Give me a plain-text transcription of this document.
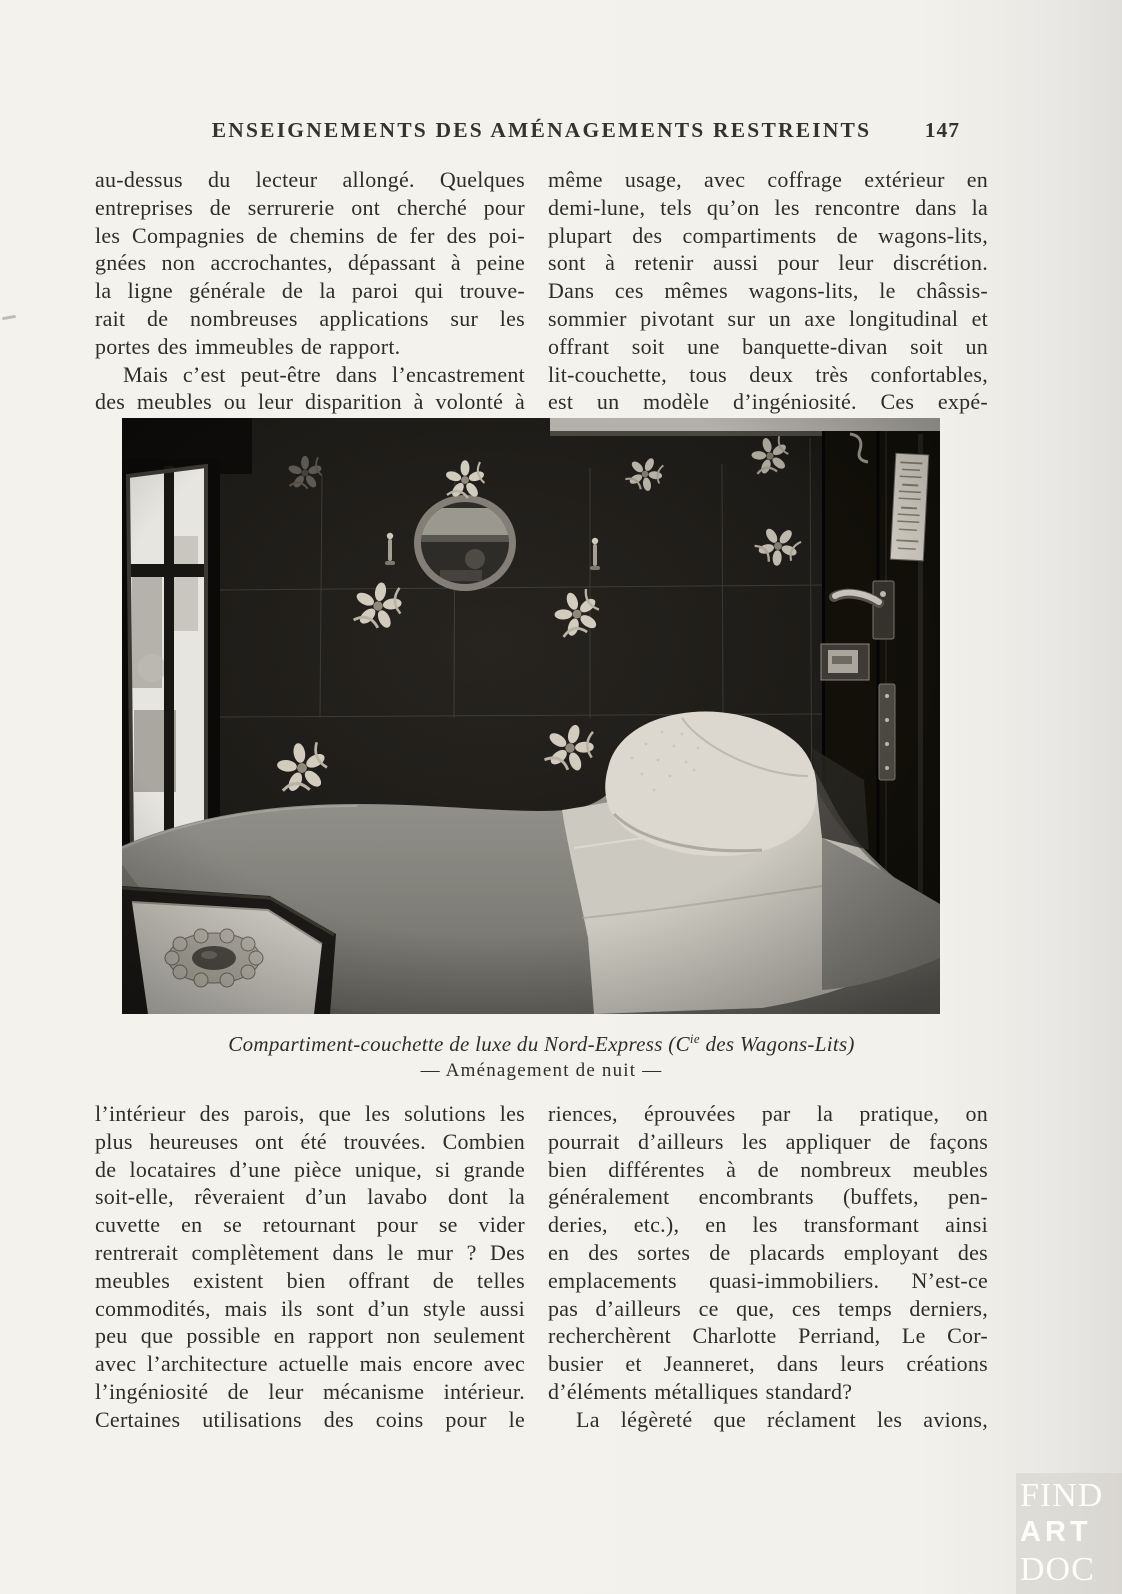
ENSEIGNEMENTS DES AMÉNAGEMENTS RESTREINTS 147
au-dessus du lecteur allongé. Quelques
entreprises de serrurerie ont cherché pour
les Compagnies de chemins de fer des poi-
gnées non accrochantes, dépassant à peine
la ligne générale de la paroi qui trouve-
rait de nombreuses applications sur les
portes des immeubles de rapport.
Mais c’est peut-être dans l’encastrement
des meubles ou leur disparition à volonté à
même usage, avec coffrage extérieur en
demi-lune, tels qu’on les rencontre dans la
plupart des compartiments de wagons-lits,
sont à retenir aussi pour leur discrétion.
Dans ces mêmes wagons-lits, le châssis-
sommier pivotant sur un axe longitudinal et
offrant soit une banquette-divan soit un
lit-couchette, tous deux très confortables,
est un modèle d’ingéniosité. Ces expé-
Compartiment-couchette de luxe du Nord-Express ($C^{ie}$ des Wagons-Lits)
— Aménagement de nuit —
l’intérieur des parois, que les solutions les
plus heureuses ont été trouvées. Combien
de locataires d’une pièce unique, si grande
soit-elle, rêveraient d’un lavabo dont la
cuvette en se retournant pour se vider
rentrerait complètement dans le mur ? Des
meubles existent bien offrant de telles
commodités, mais ils sont d’un style aussi
peu que possible en rapport non seulement
avec l’architecture actuelle mais encore avec
l’ingéniosité de leur mécanisme intérieur.
Certaines utilisations des coins pour le
riences, éprouvées par la pratique, on
pourrait d’ailleurs les appliquer de façons
bien différentes à de nombreux meubles
généralement encombrants (buffets, pen-
deries, etc.), en les transformant ainsi
en des sortes de placards employant des
emplacements quasi-immobiliers. N’est-ce
pas d’ailleurs ce que, ces temps derniers,
recherchèrent Charlotte Perriand, Le Cor-
busier et Jeanneret, dans leurs créations
d’éléments métalliques standard?
La légèreté que réclament les avions,
FIND
ART
DOC
